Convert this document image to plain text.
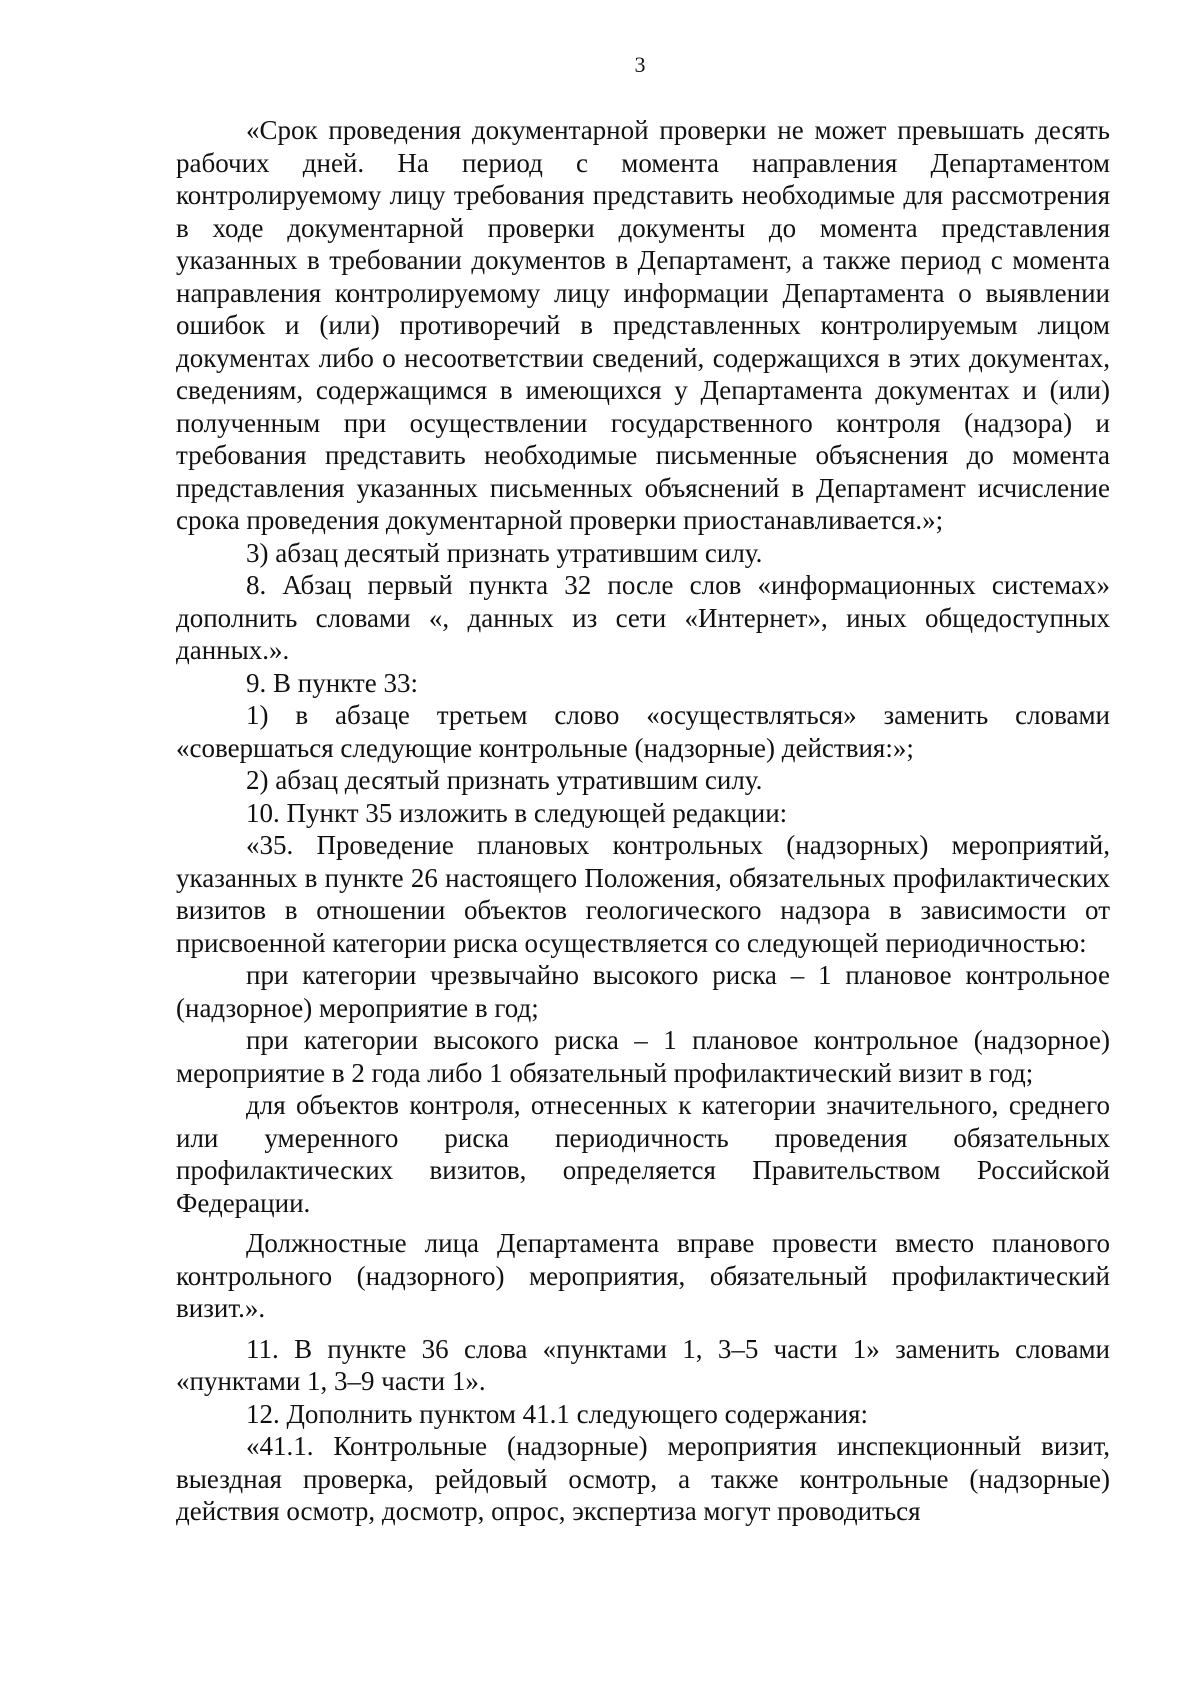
3

«Срок проведения документарной проверки не может превышать десять рабочих дней. На период с момента направления Департаментом контролируемому лицу требования представить необходимые для рассмотрения в ходе документарной проверки документы до момента представления указанных в требовании документов в Департамент, а также период с момента направления контролируемому лицу информации Департамента о выявлении ошибок и (или) противоречий в представленных контролируемым лицом документах либо о несоответствии сведений, содержащихся в этих документах, сведениям, содержащимся в имеющихся у Департамента документах и (или) полученным при осуществлении государственного контроля (надзора) и требования представить необходимые письменные объяснения до момента представления указанных письменных объяснений в Департамент исчисление срока проведения документарной проверки приостанавливается.»;

3) абзац десятый признать утратившим силу.

8. Абзац первый пункта 32 после слов «информационных системах» дополнить словами «, данных из сети «Интернет», иных общедоступных данных.».

9. В пункте 33:

1) в абзаце третьем слово «осуществляться» заменить словами «совершаться следующие контрольные (надзорные) действия:»;

2) абзац десятый признать утратившим силу.

10. Пункт 35 изложить в следующей редакции:

«35. Проведение плановых контрольных (надзорных) мероприятий, указанных в пункте 26 настоящего Положения, обязательных профилактических визитов в отношении объектов геологического надзора в зависимости от присвоенной категории риска осуществляется со следующей периодичностью:

при категории чрезвычайно высокого риска – 1 плановое контрольное (надзорное) мероприятие в год;

при категории высокого риска – 1 плановое контрольное (надзорное) мероприятие в 2 года либо 1 обязательный профилактический визит в год;

для объектов контроля, отнесенных к категории значительного, среднего или умеренного риска периодичность проведения обязательных профилактических визитов, определяется Правительством Российской Федерации.

Должностные лица Департамента вправе провести вместо планового контрольного (надзорного) мероприятия, обязательный профилактический визит.».

11. В пункте 36 слова «пунктами 1, 3–5 части 1» заменить словами «пунктами 1, 3–9 части 1».

12. Дополнить пунктом 41.1 следующего содержания:

«41.1. Контрольные (надзорные) мероприятия инспекционный визит, выездная проверка, рейдовый осмотр, а также контрольные (надзорные) действия осмотр, досмотр, опрос, экспертиза могут проводиться
